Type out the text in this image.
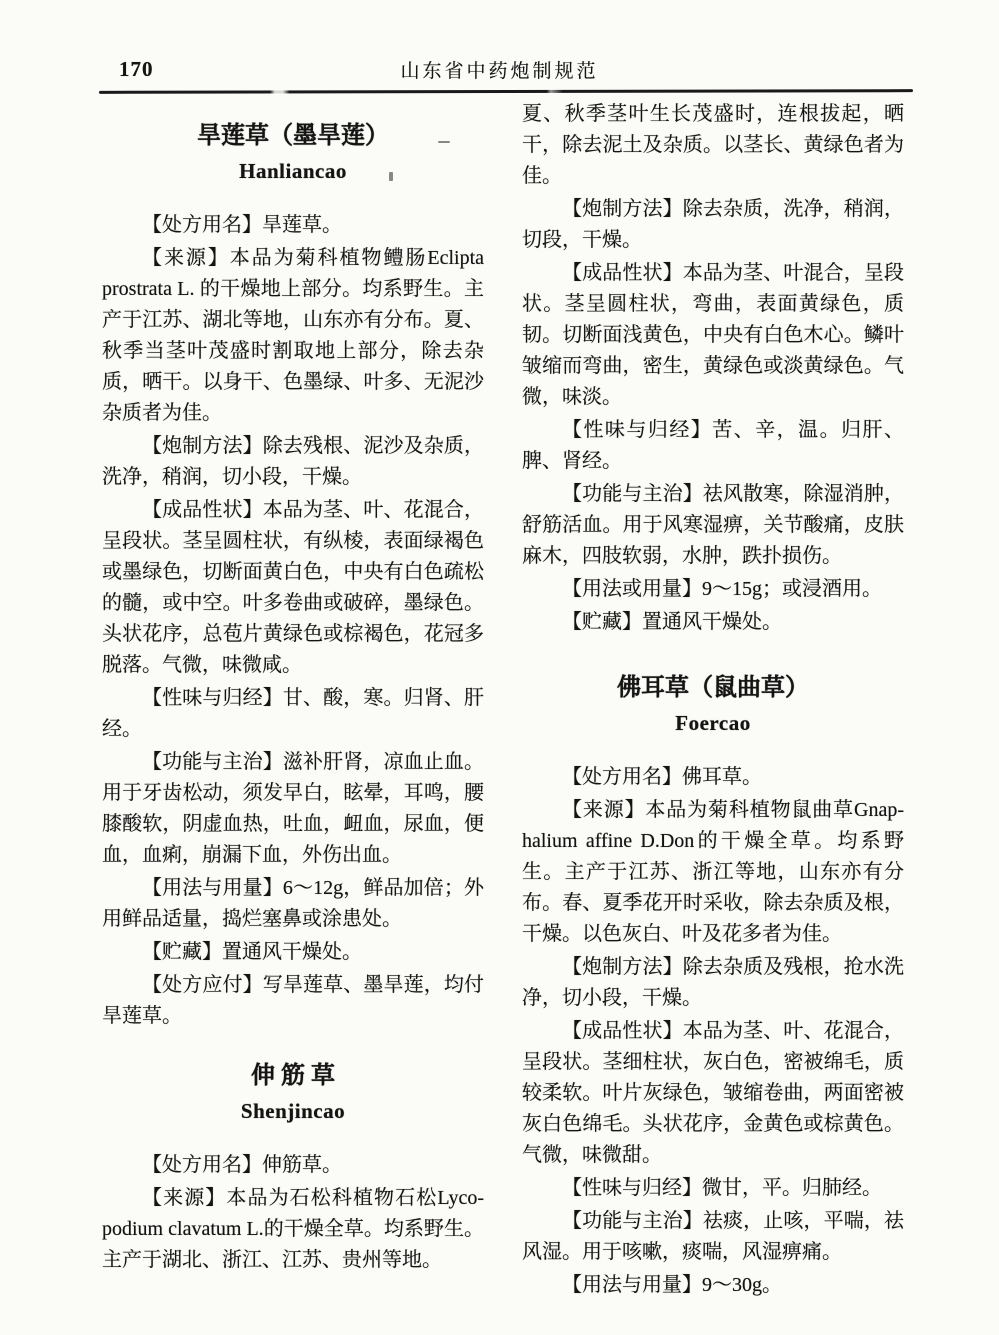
170	山东省中药炮制规范
旱莲草（墨旱莲）
Hanliancao

【处方用名】旱莲草。

【来源】本品为菊科植物鳢肠Eclipta prostrata L. 的干燥地上部分。均系野生。主产于江苏、湖北等地，山东亦有分布。夏、秋季当茎叶茂盛时割取地上部分，除去杂质，晒干。以身干、色墨绿、叶多、无泥沙杂质者为佳。

【炮制方法】除去残根、泥沙及杂质，洗净，稍润，切小段，干燥。

【成品性状】本品为茎、叶、花混合，呈段状。茎呈圆柱状，有纵棱，表面绿褐色或墨绿色，切断面黄白色，中央有白色疏松的髓，或中空。叶多卷曲或破碎，墨绿色。头状花序，总苞片黄绿色或棕褐色，花冠多脱落。气微，味微咸。

【性味与归经】甘、酸，寒。归肾、肝经。

【功能与主治】滋补肝肾，凉血止血。用于牙齿松动，须发早白，眩晕，耳鸣，腰膝酸软，阴虚血热，吐血，衄血，尿血，便血，血痢，崩漏下血，外伤出血。

【用法与用量】6～12g，鲜品加倍；外用鲜品适量，捣烂塞鼻或涂患处。

【贮藏】置通风干燥处。

【处方应付】写旱莲草、墨旱莲，均付旱莲草。

伸 筋 草
Shenjincao

【处方用名】伸筋草。

【来源】本品为石松科植物石松Lyco-podium clavatum L.的干燥全草。均系野生。主产于湖北、浙江、江苏、贵州等地。

夏、秋季茎叶生长茂盛时，连根拔起，晒干，除去泥土及杂质。以茎长、黄绿色者为佳。

【炮制方法】除去杂质，洗净，稍润，切段，干燥。

【成品性状】本品为茎、叶混合，呈段状。茎呈圆柱状，弯曲，表面黄绿色，质韧。切断面浅黄色，中央有白色木心。鳞叶皱缩而弯曲，密生，黄绿色或淡黄绿色。气微，味淡。

【性味与归经】苦、辛，温。归肝、脾、肾经。

【功能与主治】祛风散寒，除湿消肿，舒筋活血。用于风寒湿痹，关节酸痛，皮肤麻木，四肢软弱，水肿，跌扑损伤。

【用法或用量】9～15g；或浸酒用。

【贮藏】置通风干燥处。

佛耳草（鼠曲草）
Foercao

【处方用名】佛耳草。

【来源】本品为菊科植物鼠曲草Gnap-halium affine D.Don的干燥全草。均系野生。主产于江苏、浙江等地，山东亦有分布。春、夏季花开时采收，除去杂质及根，干燥。以色灰白、叶及花多者为佳。

【炮制方法】除去杂质及残根，抢水洗净，切小段，干燥。

【成品性状】本品为茎、叶、花混合，呈段状。茎细柱状，灰白色，密被绵毛，质较柔软。叶片灰绿色，皱缩卷曲，两面密被灰白色绵毛。头状花序，金黄色或棕黄色。气微，味微甜。

【性味与归经】微甘，平。归肺经。

【功能与主治】祛痰，止咳，平喘，祛风湿。用于咳嗽，痰喘，风湿痹痛。

【用法与用量】9～30g。
